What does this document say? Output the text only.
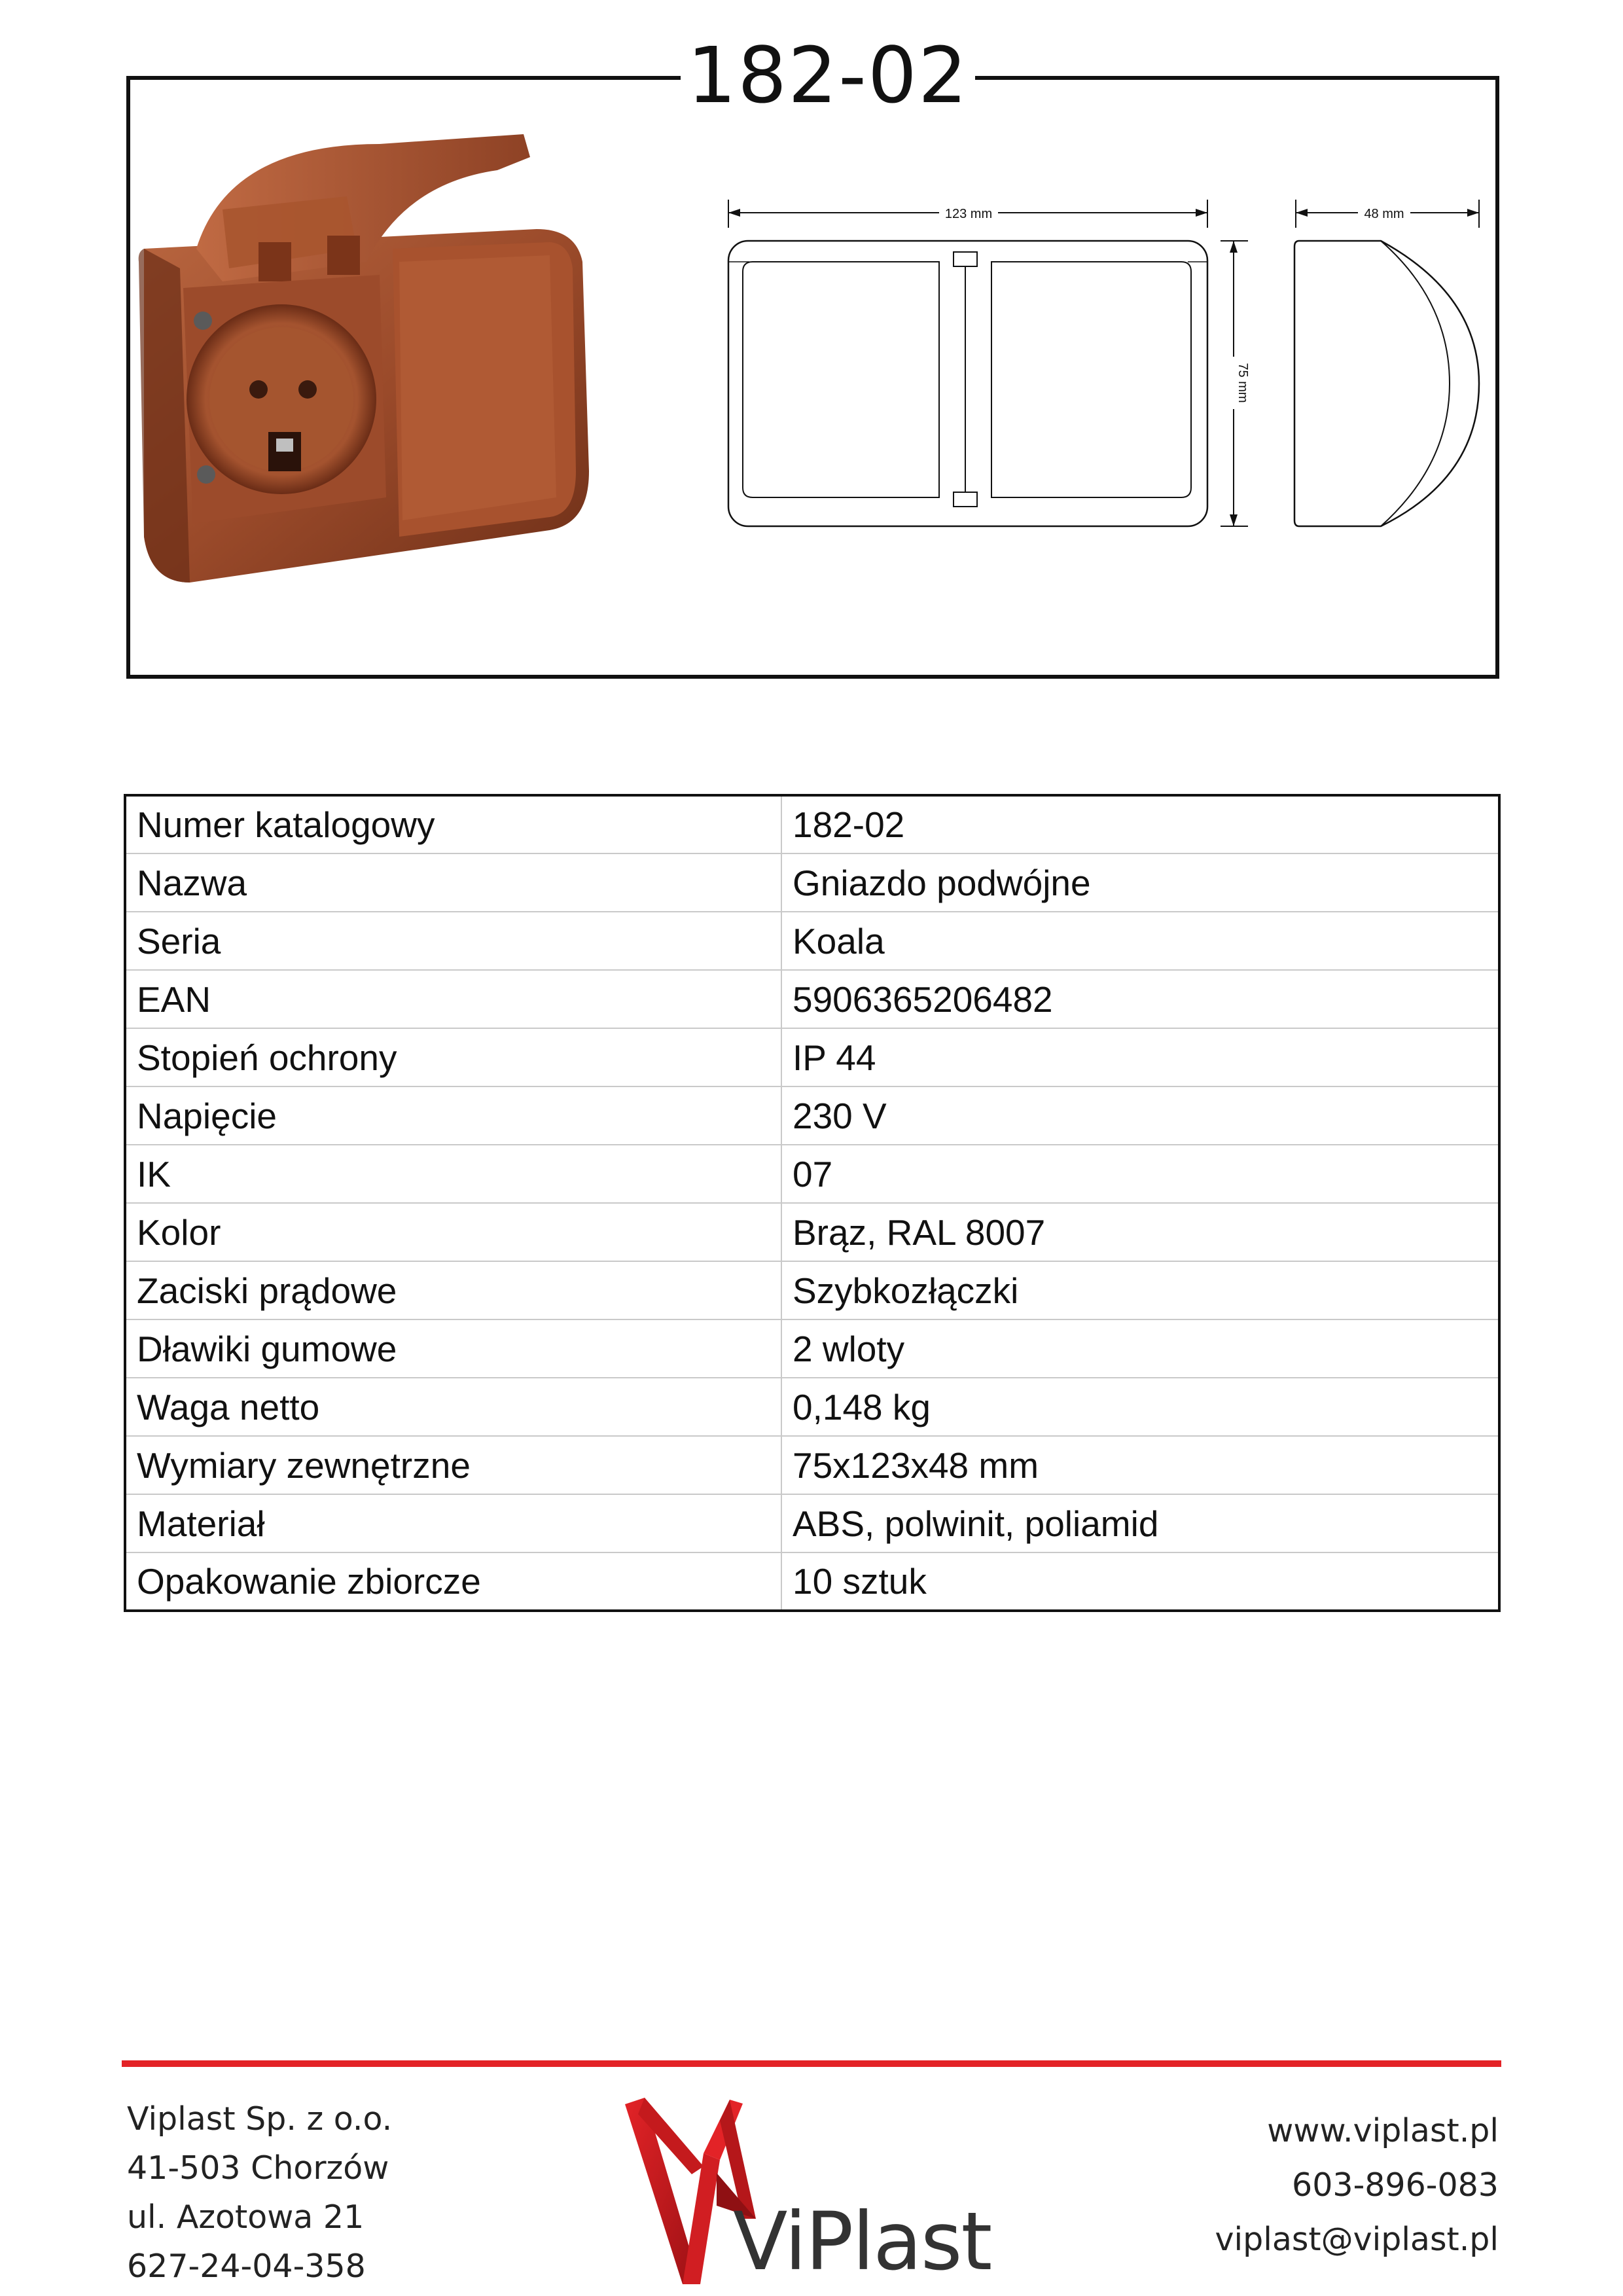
182-02
123 mm
75 mm
48 mm
Numer katalogowy	182-02
Nazwa	Gniazdo podwójne
Seria	Koala
EAN	5906365206482
Stopień ochrony	IP 44
Napięcie	230 V
IK	07
Kolor	Brąz, RAL 8007
Zaciski prądowe	Szybkozłączki
Dławiki gumowe	2 wloty
Waga netto	0,148 kg
Wymiary zewnętrzne	75x123x48 mm
Materiał	ABS, polwinit, poliamid
Opakowanie zbiorcze	10 sztuk
Viplast Sp. z o.o.
41-503 Chorzów
ul. Azotowa 21
627-24-04-358	ViPlast
www.viplast.pl
603-896-083
viplast@viplast.pl
